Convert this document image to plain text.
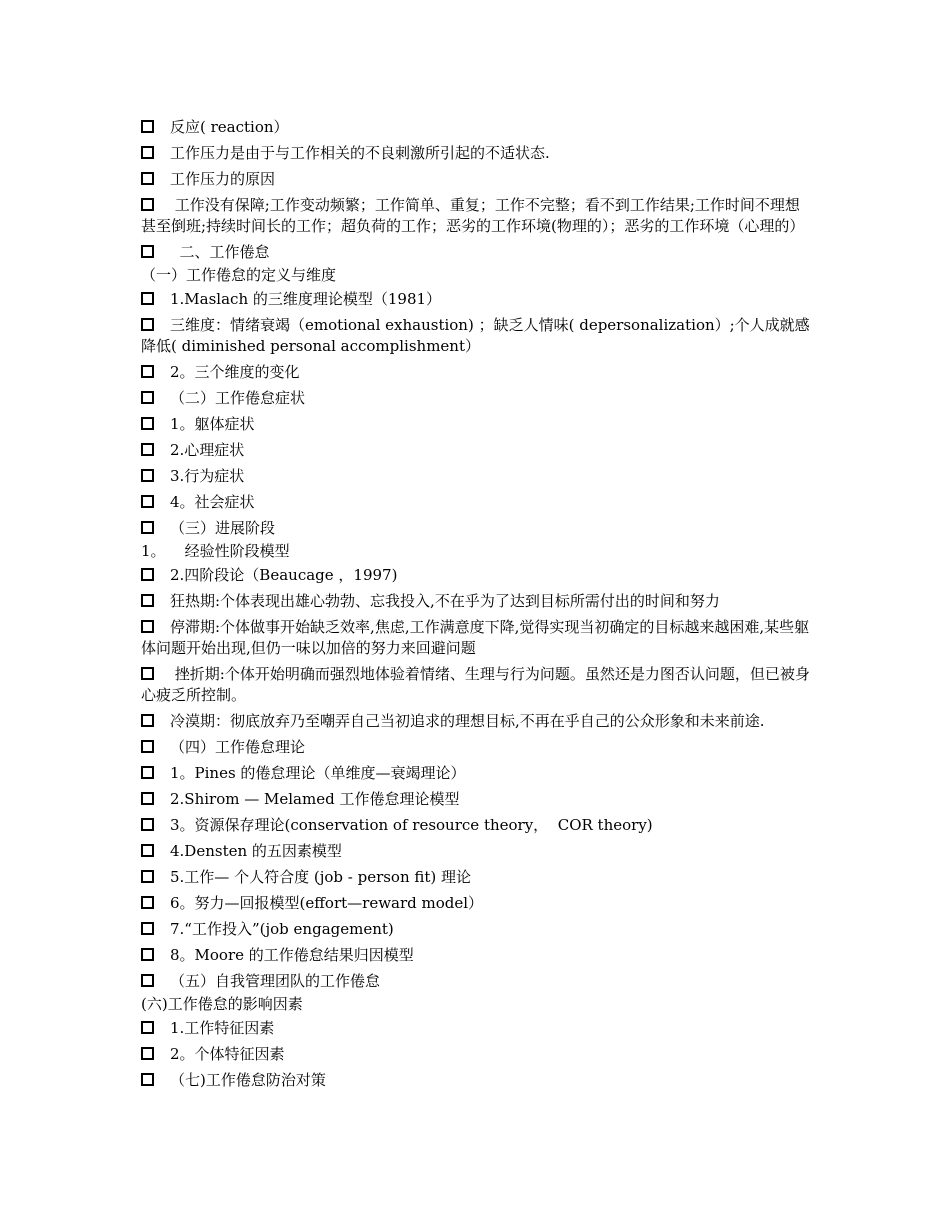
反应( reaction）
工作压力是由于与工作相关的不良刺激所引起的不适状态.
工作压力的原因
工作没有保障;工作变动频繁；工作简单、重复；工作不完整；看不到工作结果;工作时间不理想甚至倒班;持续时间长的工作；超负荷的工作；恶劣的工作环境(物理的）；恶劣的工作环境（心理的）
二、工作倦怠
（一）工作倦怠的定义与维度
1.Maslach 的三维度理论模型（1981）
三维度：情绪衰竭（emotional exhaustion) ；缺乏人情味( depersonalization）;个人成就感降低( diminished personal accomplishment）
2。三个维度的变化
（二）工作倦怠症状
1。躯体症状
2.心理症状
3.行为症状
4。社会症状
（三）进展阶段
1。    经验性阶段模型
2.四阶段论（Beaucage ，1997)
狂热期:个体表现出雄心勃勃、忘我投入,不在乎为了达到目标所需付出的时间和努力
停滞期:个体做事开始缺乏效率,焦虑,工作满意度下降,觉得实现当初确定的目标越来越困难,某些躯体问题开始出现,但仍一味以加倍的努力来回避问题
挫折期:个体开始明确而强烈地体验着情绪、生理与行为问题。虽然还是力图否认问题，但已被身心疲乏所控制。
冷漠期：彻底放弃乃至嘲弄自己当初追求的理想目标,不再在乎自己的公众形象和未来前途.
（四）工作倦怠理论
1。Pines 的倦怠理论（单维度—衰竭理论）
2.Shirom — Melamed 工作倦怠理论模型
3。资源保存理论(conservation of resource theory，  COR theory)
4.Densten 的五因素模型
5.工作— 个人符合度 (job - person fit) 理论
6。努力—回报模型(effort—reward model）
7.“工作投入”(job engagement)
8。Moore 的工作倦怠结果归因模型
（五）自我管理团队的工作倦怠
(六)工作倦怠的影响因素
1.工作特征因素
2。个体特征因素
（七)工作倦怠防治对策
